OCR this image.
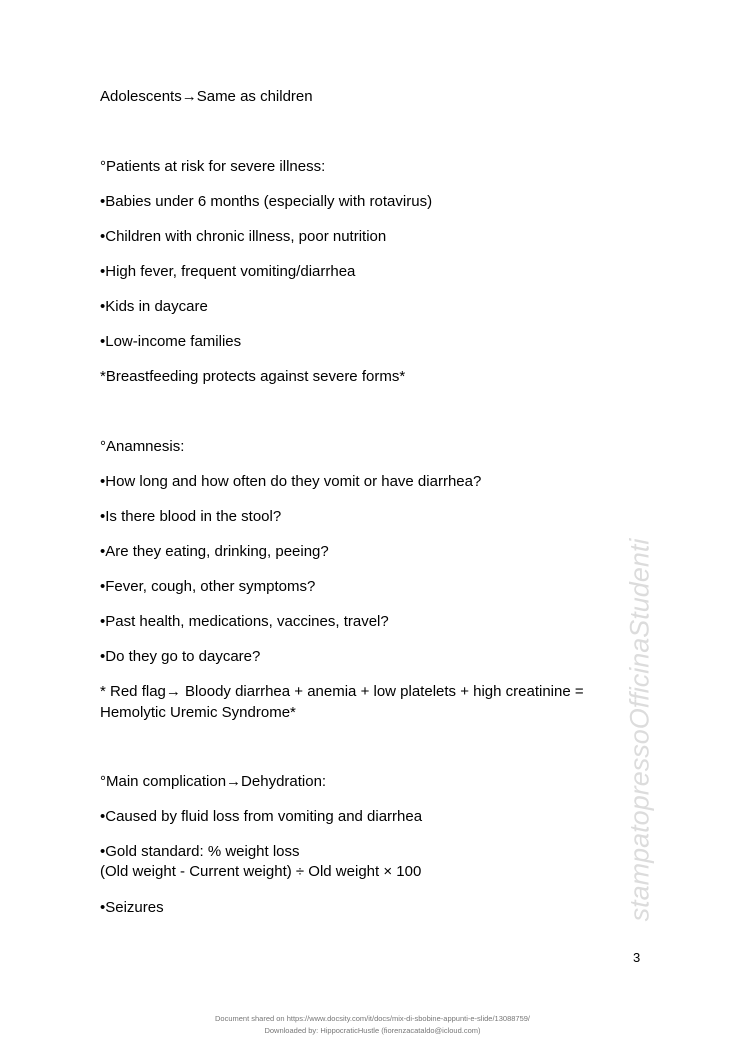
Adolescents→Same as children
°Patients at risk for severe illness:
•Babies under 6 months (especially with rotavirus)
•Children with chronic illness, poor nutrition
•High fever, frequent vomiting/diarrhea
•Kids in daycare
•Low-income families
*Breastfeeding protects against severe forms*
°Anamnesis:
•How long and how often do they vomit or have diarrhea?
•Is there blood in the stool?
•Are they eating, drinking, peeing?
•Fever, cough, other symptoms?
•Past health, medications, vaccines, travel?
•Do they go to daycare?
* Red flag→ Bloody diarrhea + anemia + low platelets + high creatinine =
Hemolytic Uremic Syndrome*
°Main complication→Dehydration:
•Caused by fluid loss from vomiting and diarrhea
•Gold standard: % weight loss
(Old weight - Current weight) ÷ Old weight × 100
•Seizures	stampatopressoOfficinaStudenti
3
Document shared on https://www.docsity.com/it/docs/mix-di-sbobine-appunti-e-slide/13088759/
Downloaded by: HippocraticHustle (fiorenzacataldo@icloud.com)
